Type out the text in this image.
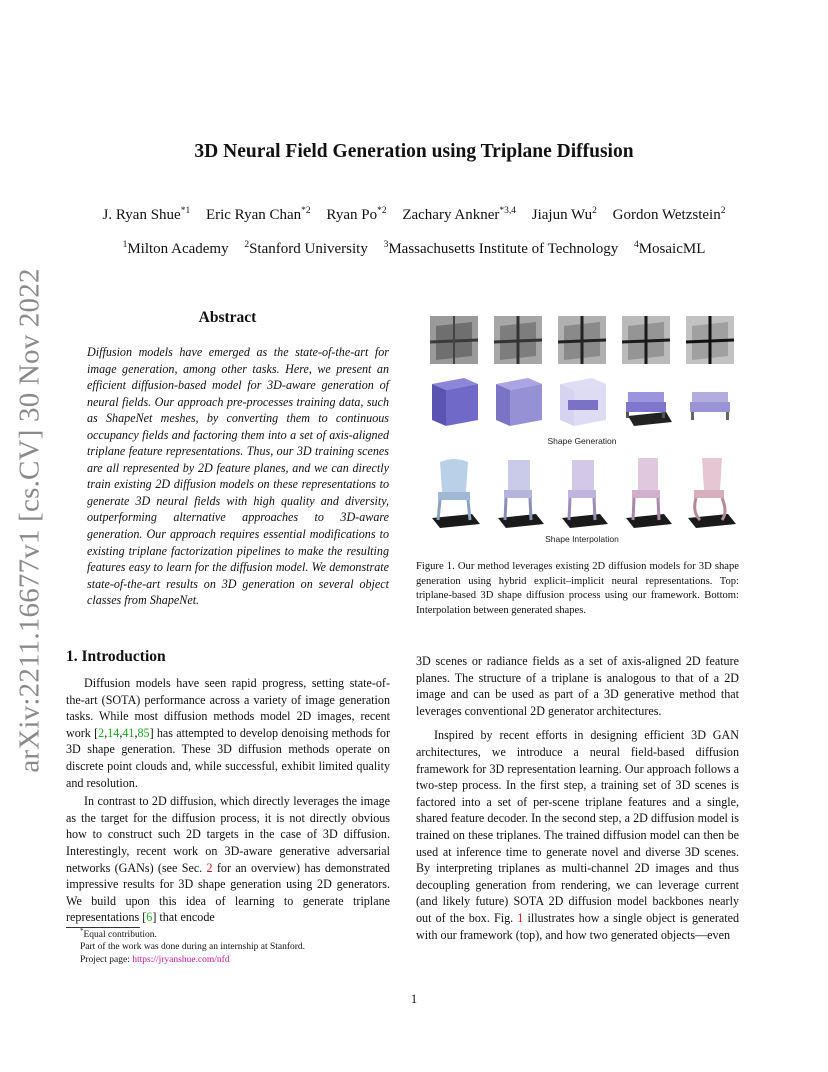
arXiv:2211.16677v1 [cs.CV] 30 Nov 2022
3D Neural Field Generation using Triplane Diffusion
J. Ryan Shue$^{*1}$ Eric Ryan Chan$^{*2}$ Ryan Po$^{*2}$ Zachary Ankner$^{*3,4}$ Jiajun Wu$^2$ Gordon Wetzstein$^2$
$^1$Milton Academy $^2$Stanford University $^3$Massachusetts Institute of Technology $^4$MosaicML
Abstract
Diffusion models have emerged as the state-of-the-art for image generation, among other tasks. Here, we present an efficient diffusion-based model for 3D-aware generation of neural fields. Our approach pre-processes training data, such as ShapeNet meshes, by converting them to continuous occupancy fields and factoring them into a set of axis-aligned triplane feature representations. Thus, our 3D training scenes are all represented by 2D feature planes, and we can directly train existing 2D diffusion models on these representations to generate 3D neural fields with high quality and diversity, outperforming alternative approaches to 3D-aware generation. Our approach requires essential modifications to existing triplane factorization pipelines to make the resulting features easy to learn for the diffusion model. We demonstrate state-of-the-art results on 3D generation on several object classes from ShapeNet.
1. Introduction

Diffusion models have seen rapid progress, setting state-of-the-art (SOTA) performance across a variety of image generation tasks. While most diffusion methods model 2D images, recent work [2,14,41,85] has attempted to develop denoising methods for 3D shape generation. These 3D diffusion methods operate on discrete point clouds and, while successful, exhibit limited quality and resolution.

In contrast to 2D diffusion, which directly leverages the image as the target for the diffusion process, it is not directly obvious how to construct such 2D targets in the case of 3D diffusion. Interestingly, recent work on 3D-aware generative adversarial networks (GANs) (see Sec. 2 for an overview) has demonstrated impressive results for 3D shape generation using 2D generators. We build upon this idea of learning to generate triplane representations [6] that encode

3D scenes or radiance fields as a set of axis-aligned 2D feature planes. The structure of a triplane is analogous to that of a 2D image and can be used as part of a 3D generative method that leverages conventional 2D generator architectures.

Inspired by recent efforts in designing efficient 3D GAN architectures, we introduce a neural field-based diffusion framework for 3D representation learning. Our approach follows a two-step process. In the first step, a training set of 3D scenes is factored into a set of per-scene triplane features and a single, shared feature decoder. In the second step, a 2D diffusion model is trained on these triplanes. The trained diffusion model can then be used at inference time to generate novel and diverse 3D scenes. By interpreting triplanes as multi-channel 2D images and thus decoupling generation from rendering, we can leverage current (and likely future) SOTA 2D diffusion model backbones nearly out of the box. Fig. 1 illustrates how a single object is generated with our framework (top), and how two generated objects—even

*Equal contribution.
Part of the work was done during an internship at Stanford.
Project page: https://jryanshue.com/nfd
1
Shape Generation
Shape Interpolation
Figure 1. Our method leverages existing 2D diffusion models for 3D shape generation using hybrid explicit–implicit neural representations. Top: triplane-based 3D shape diffusion process using our framework. Bottom: Interpolation between generated shapes.
